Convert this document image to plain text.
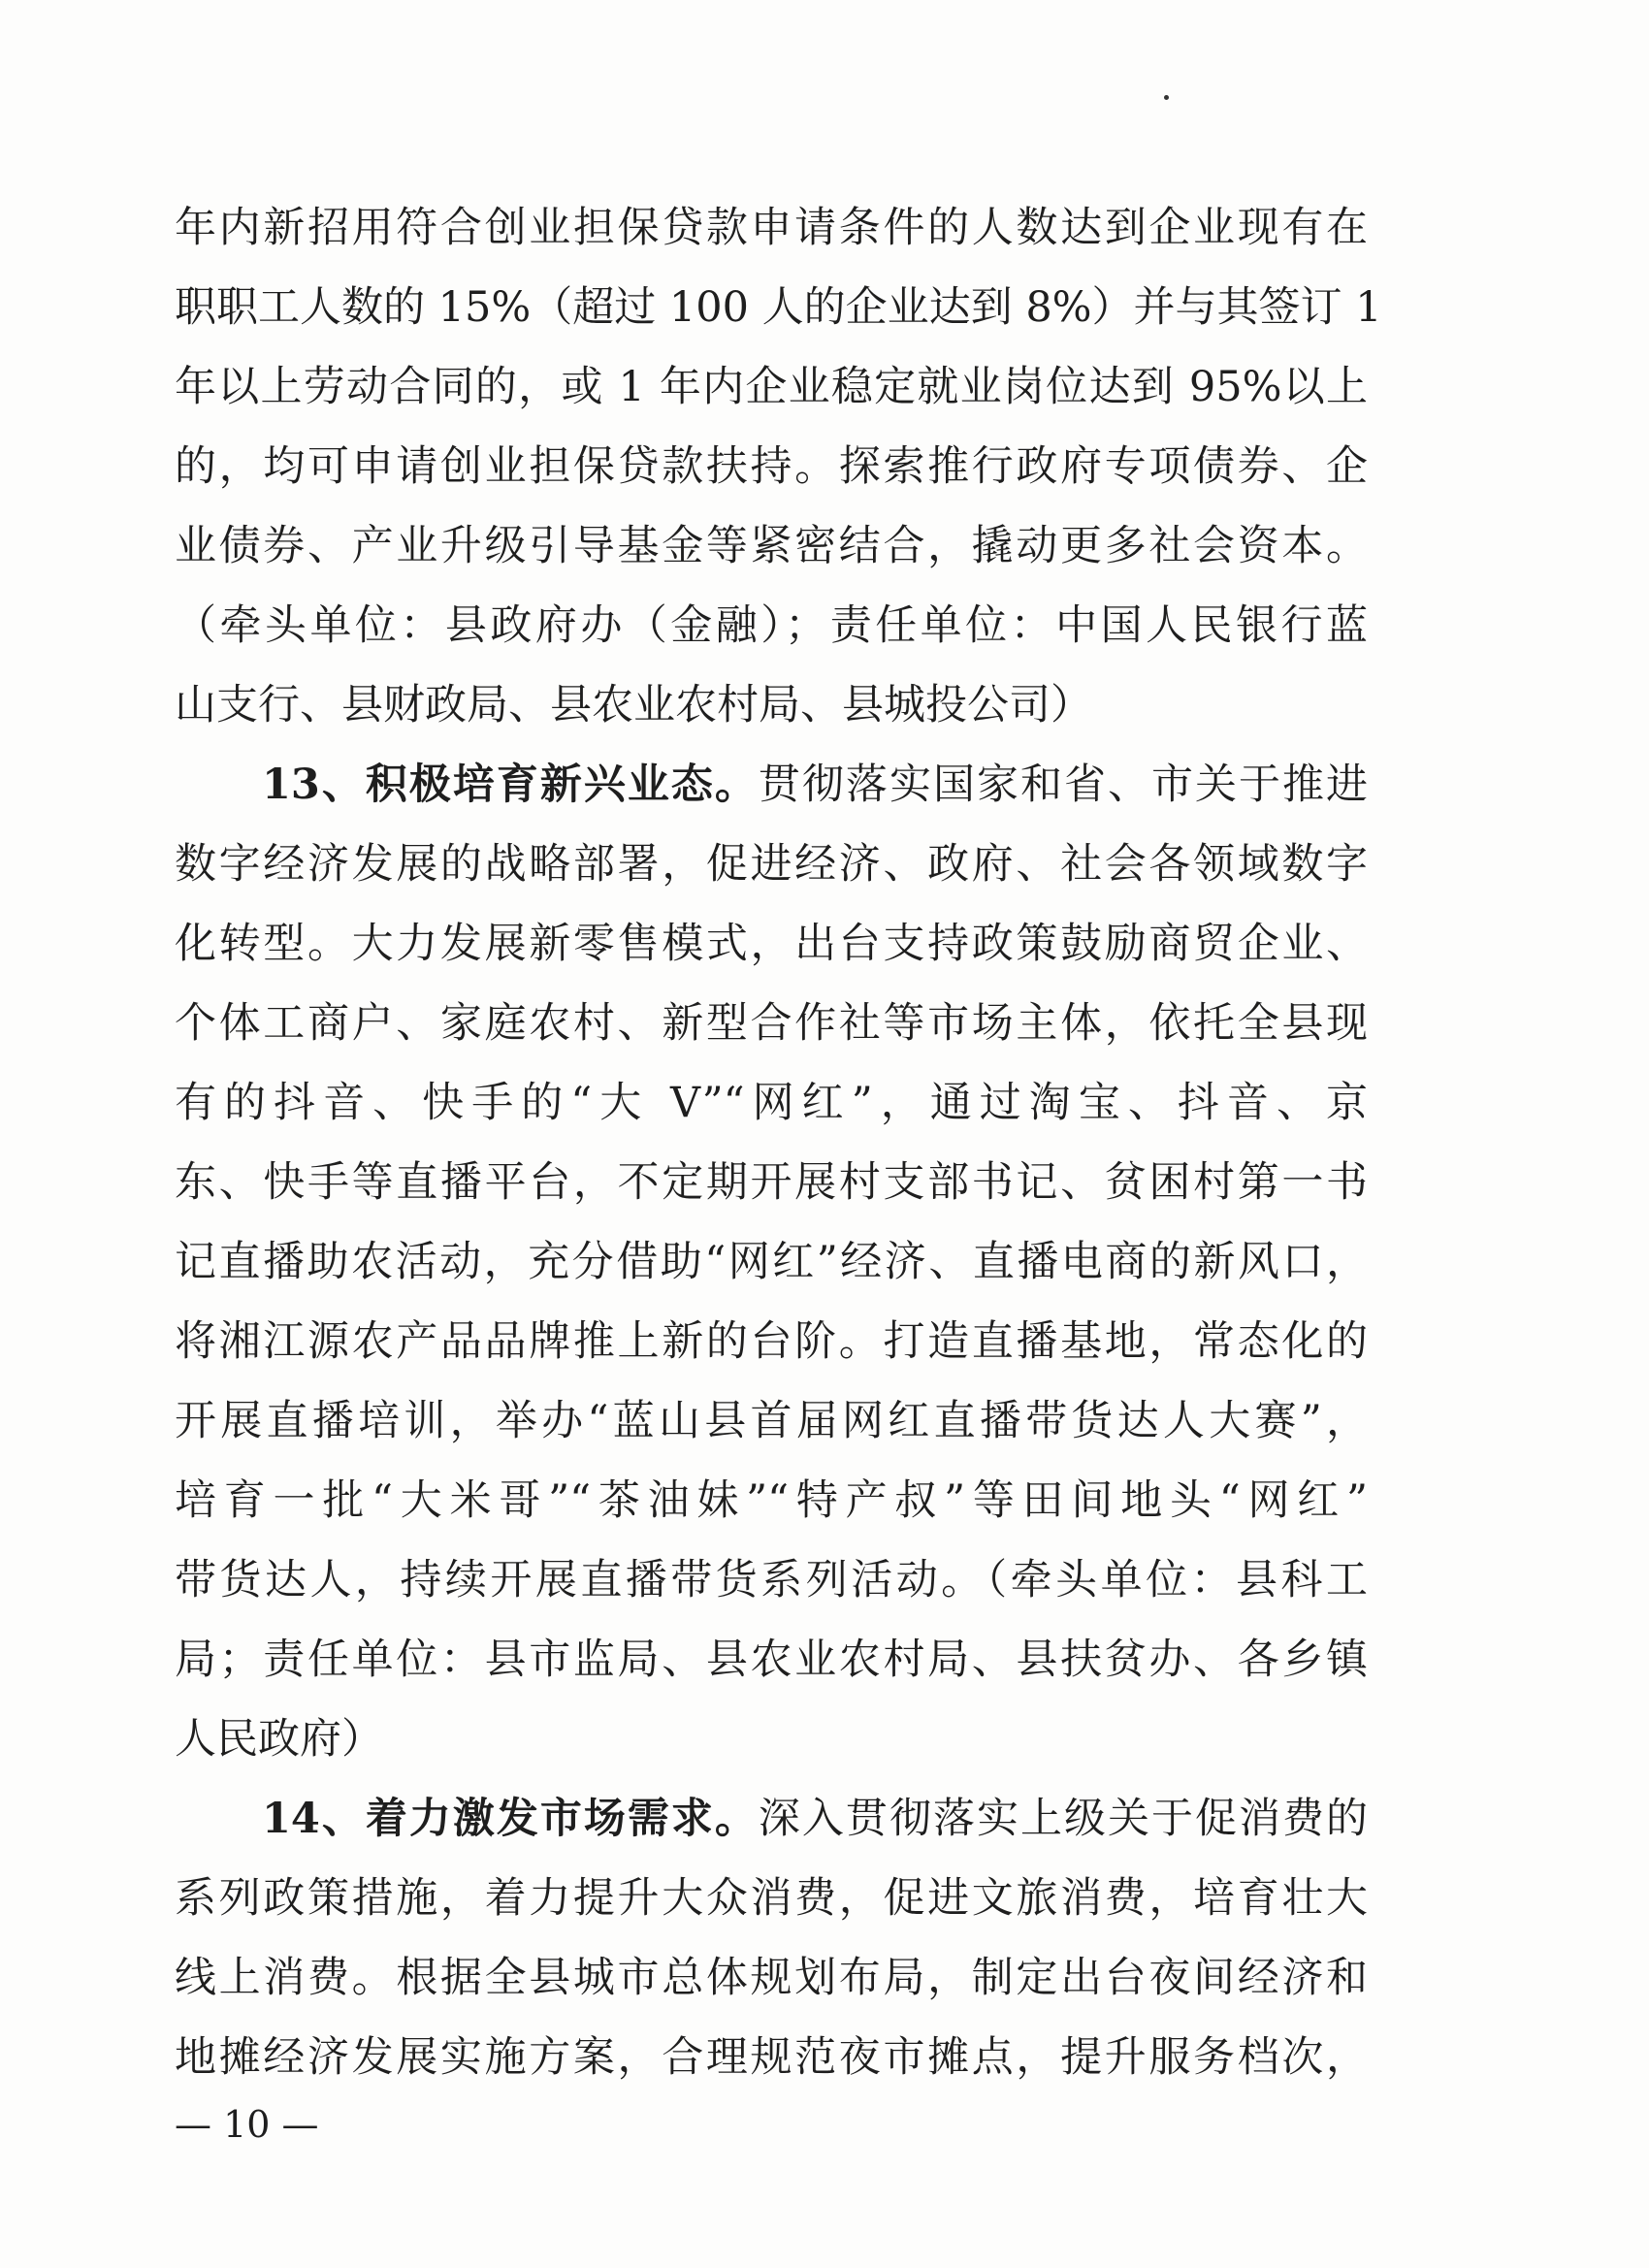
年内新招用符合创业担保贷款申请条件的人数达到企业现有在
职职工人数的 15%（超过 100 人的企业达到 8%）并与其签订 1
年以上劳动合同的，或 1 年内企业稳定就业岗位达到 95%以上
的，均可申请创业担保贷款扶持。探索推行政府专项债券、企
业债券、产业升级引导基金等紧密结合，撬动更多社会资本。
（牵头单位：县政府办（金融）；责任单位：中国人民银行蓝
山支行、县财政局、县农业农村局、县城投公司）
13、积极培育新兴业态。贯彻落实国家和省、市关于推进
数字经济发展的战略部署，促进经济、政府、社会各领域数字
化转型。大力发展新零售模式，出台支持政策鼓励商贸企业、
个体工商户、家庭农村、新型合作社等市场主体，依托全县现
有的抖音、快手的“大 V”“网红”，通过淘宝、抖音、京
东、快手等直播平台，不定期开展村支部书记、贫困村第一书
记直播助农活动，充分借助“网红”经济、直播电商的新风口，
将湘江源农产品品牌推上新的台阶。打造直播基地，常态化的
开展直播培训，举办“蓝山县首届网红直播带货达人大赛”，
培育一批“大米哥”“茶油妹”“特产叔”等田间地头“网红”
带货达人，持续开展直播带货系列活动。（牵头单位：县科工
局；责任单位：县市监局、县农业农村局、县扶贫办、各乡镇
人民政府）
14、着力激发市场需求。深入贯彻落实上级关于促消费的
系列政策措施，着力提升大众消费，促进文旅消费，培育壮大
线上消费。根据全县城市总体规划布局，制定出台夜间经济和
地摊经济发展实施方案，合理规范夜市摊点，提升服务档次，
— 10 —
